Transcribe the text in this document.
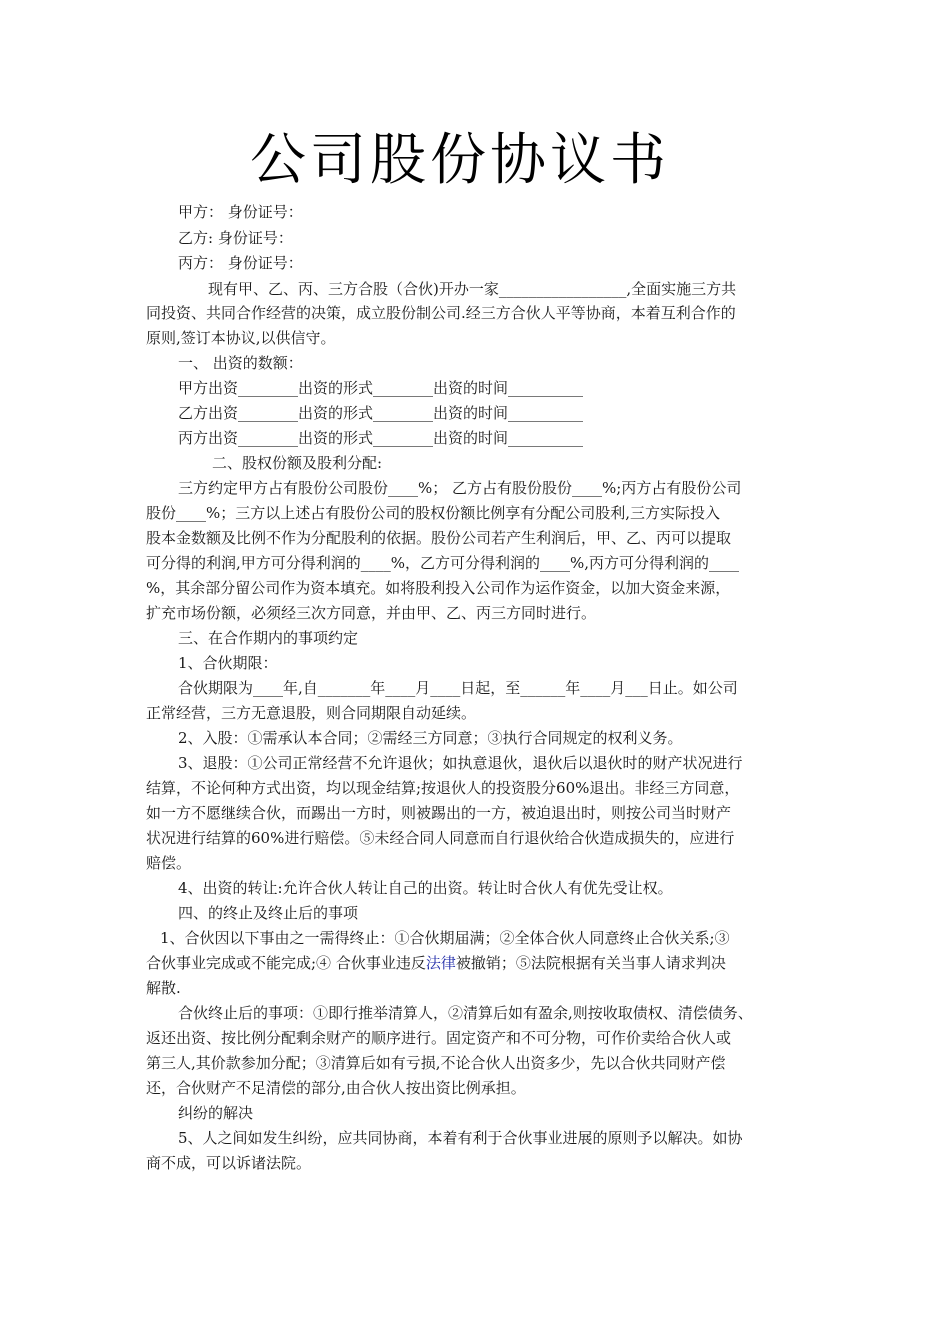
公司股份协议书
甲方： 身份证号：
乙方: 身份证号：
丙方： 身份证号：
现有甲、乙、丙、三方合股（合伙)开办一家_________________,全面实施三方共
同投资、共同合作经营的决策，成立股份制公司.经三方合伙人平等协商，本着互利合作的
原则,签订本协议,以供信守。
一、 出资的数额：
甲方出资________出资的形式________出资的时间__________
乙方出资________出资的形式________出资的时间__________
丙方出资________出资的形式________出资的时间__________
二、股权份额及股利分配:
三方约定甲方占有股份公司股份____%； 乙方占有股份股份____%;丙方占有股份公司
股份____%；三方以上述占有股份公司的股权份额比例享有分配公司股利,三方实际投入
股本金数额及比例不作为分配股利的依据。股份公司若产生利润后，甲、乙、丙可以提取
可分得的利润,甲方可分得利润的____%，乙方可分得利润的____%,丙方可分得利润的____
%，其余部分留公司作为资本填充。如将股利投入公司作为运作资金，以加大资金来源，
扩充市场份额，必须经三次方同意，并由甲、乙、丙三方同时进行。
三、在合作期内的事项约定
1、合伙期限：
合伙期限为____年,自_______年____月____日起，至______年____月___日止。如公司
正常经营，三方无意退股，则合同期限自动延续。
2、入股：①需承认本合同；②需经三方同意；③执行合同规定的权利义务。
3、退股：①公司正常经营不允许退伙；如执意退伙，退伙后以退伙时的财产状况进行
结算，不论何种方式出资，均以现金结算;按退伙人的投资股分60%退出。非经三方同意，
如一方不愿继续合伙，而踢出一方时，则被踢出的一方，被迫退出时，则按公司当时财产
状况进行结算的60%进行赔偿。⑤未经合同人同意而自行退伙给合伙造成损失的，应进行
赔偿。
4、出资的转让:允许合伙人转让自己的出资。转让时合伙人有优先受让权。
四、的终止及终止后的事项
1、合伙因以下事由之一需得终止：①合伙期届满；②全体合伙人同意终止合伙关系;③
合伙事业完成或不能完成;④ 合伙事业违反法律被撤销；⑤法院根据有关当事人请求判决
解散.
合伙终止后的事项：①即行推举清算人，②清算后如有盈余,则按收取债权、清偿债务、
返还出资、按比例分配剩余财产的顺序进行。固定资产和不可分物，可作价卖给合伙人或
第三人,其价款参加分配；③清算后如有亏损,不论合伙人出资多少，先以合伙共同财产偿
还，合伙财产不足清偿的部分,由合伙人按出资比例承担。
纠纷的解决
5、人之间如发生纠纷，应共同协商，本着有利于合伙事业进展的原则予以解决。如协
商不成，可以诉诸法院。
